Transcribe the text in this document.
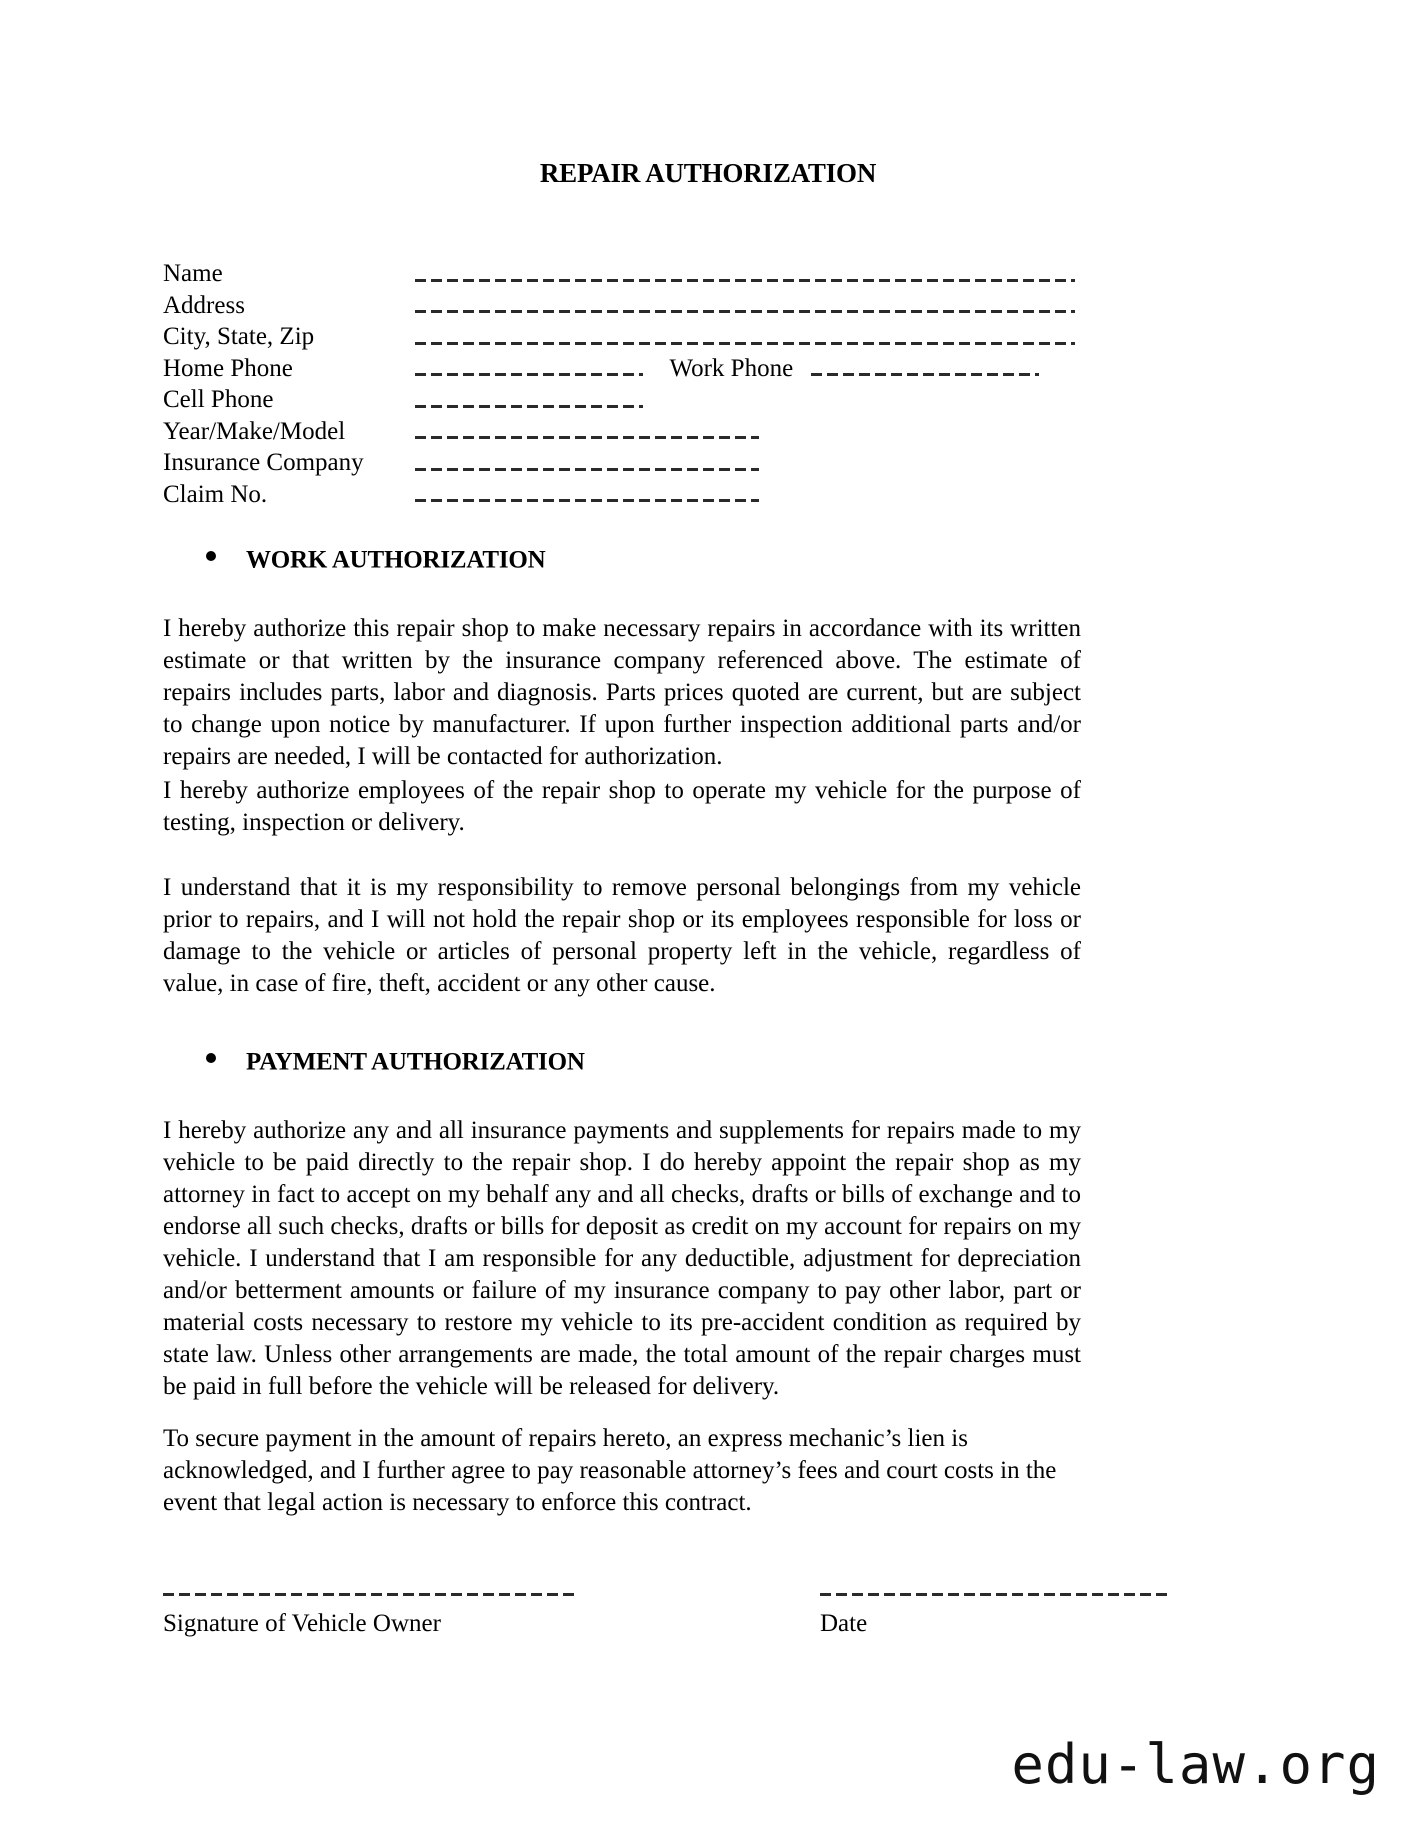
REPAIR AUTHORIZATION
Name
Address
City, State, Zip
Home Phone	Work Phone
Cell Phone
Year/Make/Model
Insurance Company
Claim No.
WORK AUTHORIZATION
I hereby authorize this repair shop to make necessary repairs in accordance with its written estimate or that written by the insurance company referenced above. The estimate of repairs includes parts, labor and diagnosis. Parts prices quoted are current, but are subject to change upon notice by manufacturer. If upon further inspection additional parts and/or repairs are needed, I will be contacted for authorization.
I hereby authorize employees of the repair shop to operate my vehicle for the purpose of testing, inspection or delivery.
I understand that it is my responsibility to remove personal belongings from my vehicle prior to repairs, and I will not hold the repair shop or its employees responsible for loss or damage to the vehicle or articles of personal property left in the vehicle, regardless of value, in case of fire, theft, accident or any other cause.
PAYMENT AUTHORIZATION
I hereby authorize any and all insurance payments and supplements for repairs made to my vehicle to be paid directly to the repair shop. I do hereby appoint the repair shop as my attorney in fact to accept on my behalf any and all checks, drafts or bills of exchange and to endorse all such checks, drafts or bills for deposit as credit on my account for repairs on my vehicle. I understand that I am responsible for any deductible, adjustment for depreciation and/or betterment amounts or failure of my insurance company to pay other labor, part or material costs necessary to restore my vehicle to its pre-accident condition as required by state law. Unless other arrangements are made, the total amount of the repair charges must be paid in full before the vehicle will be released for delivery.
To secure payment in the amount of repairs hereto, an express mechanic’s lien is acknowledged, and I further agree to pay reasonable attorney’s fees and court costs in the event that legal action is necessary to enforce this contract.
Signature of Vehicle Owner	Date
edu-law.org
